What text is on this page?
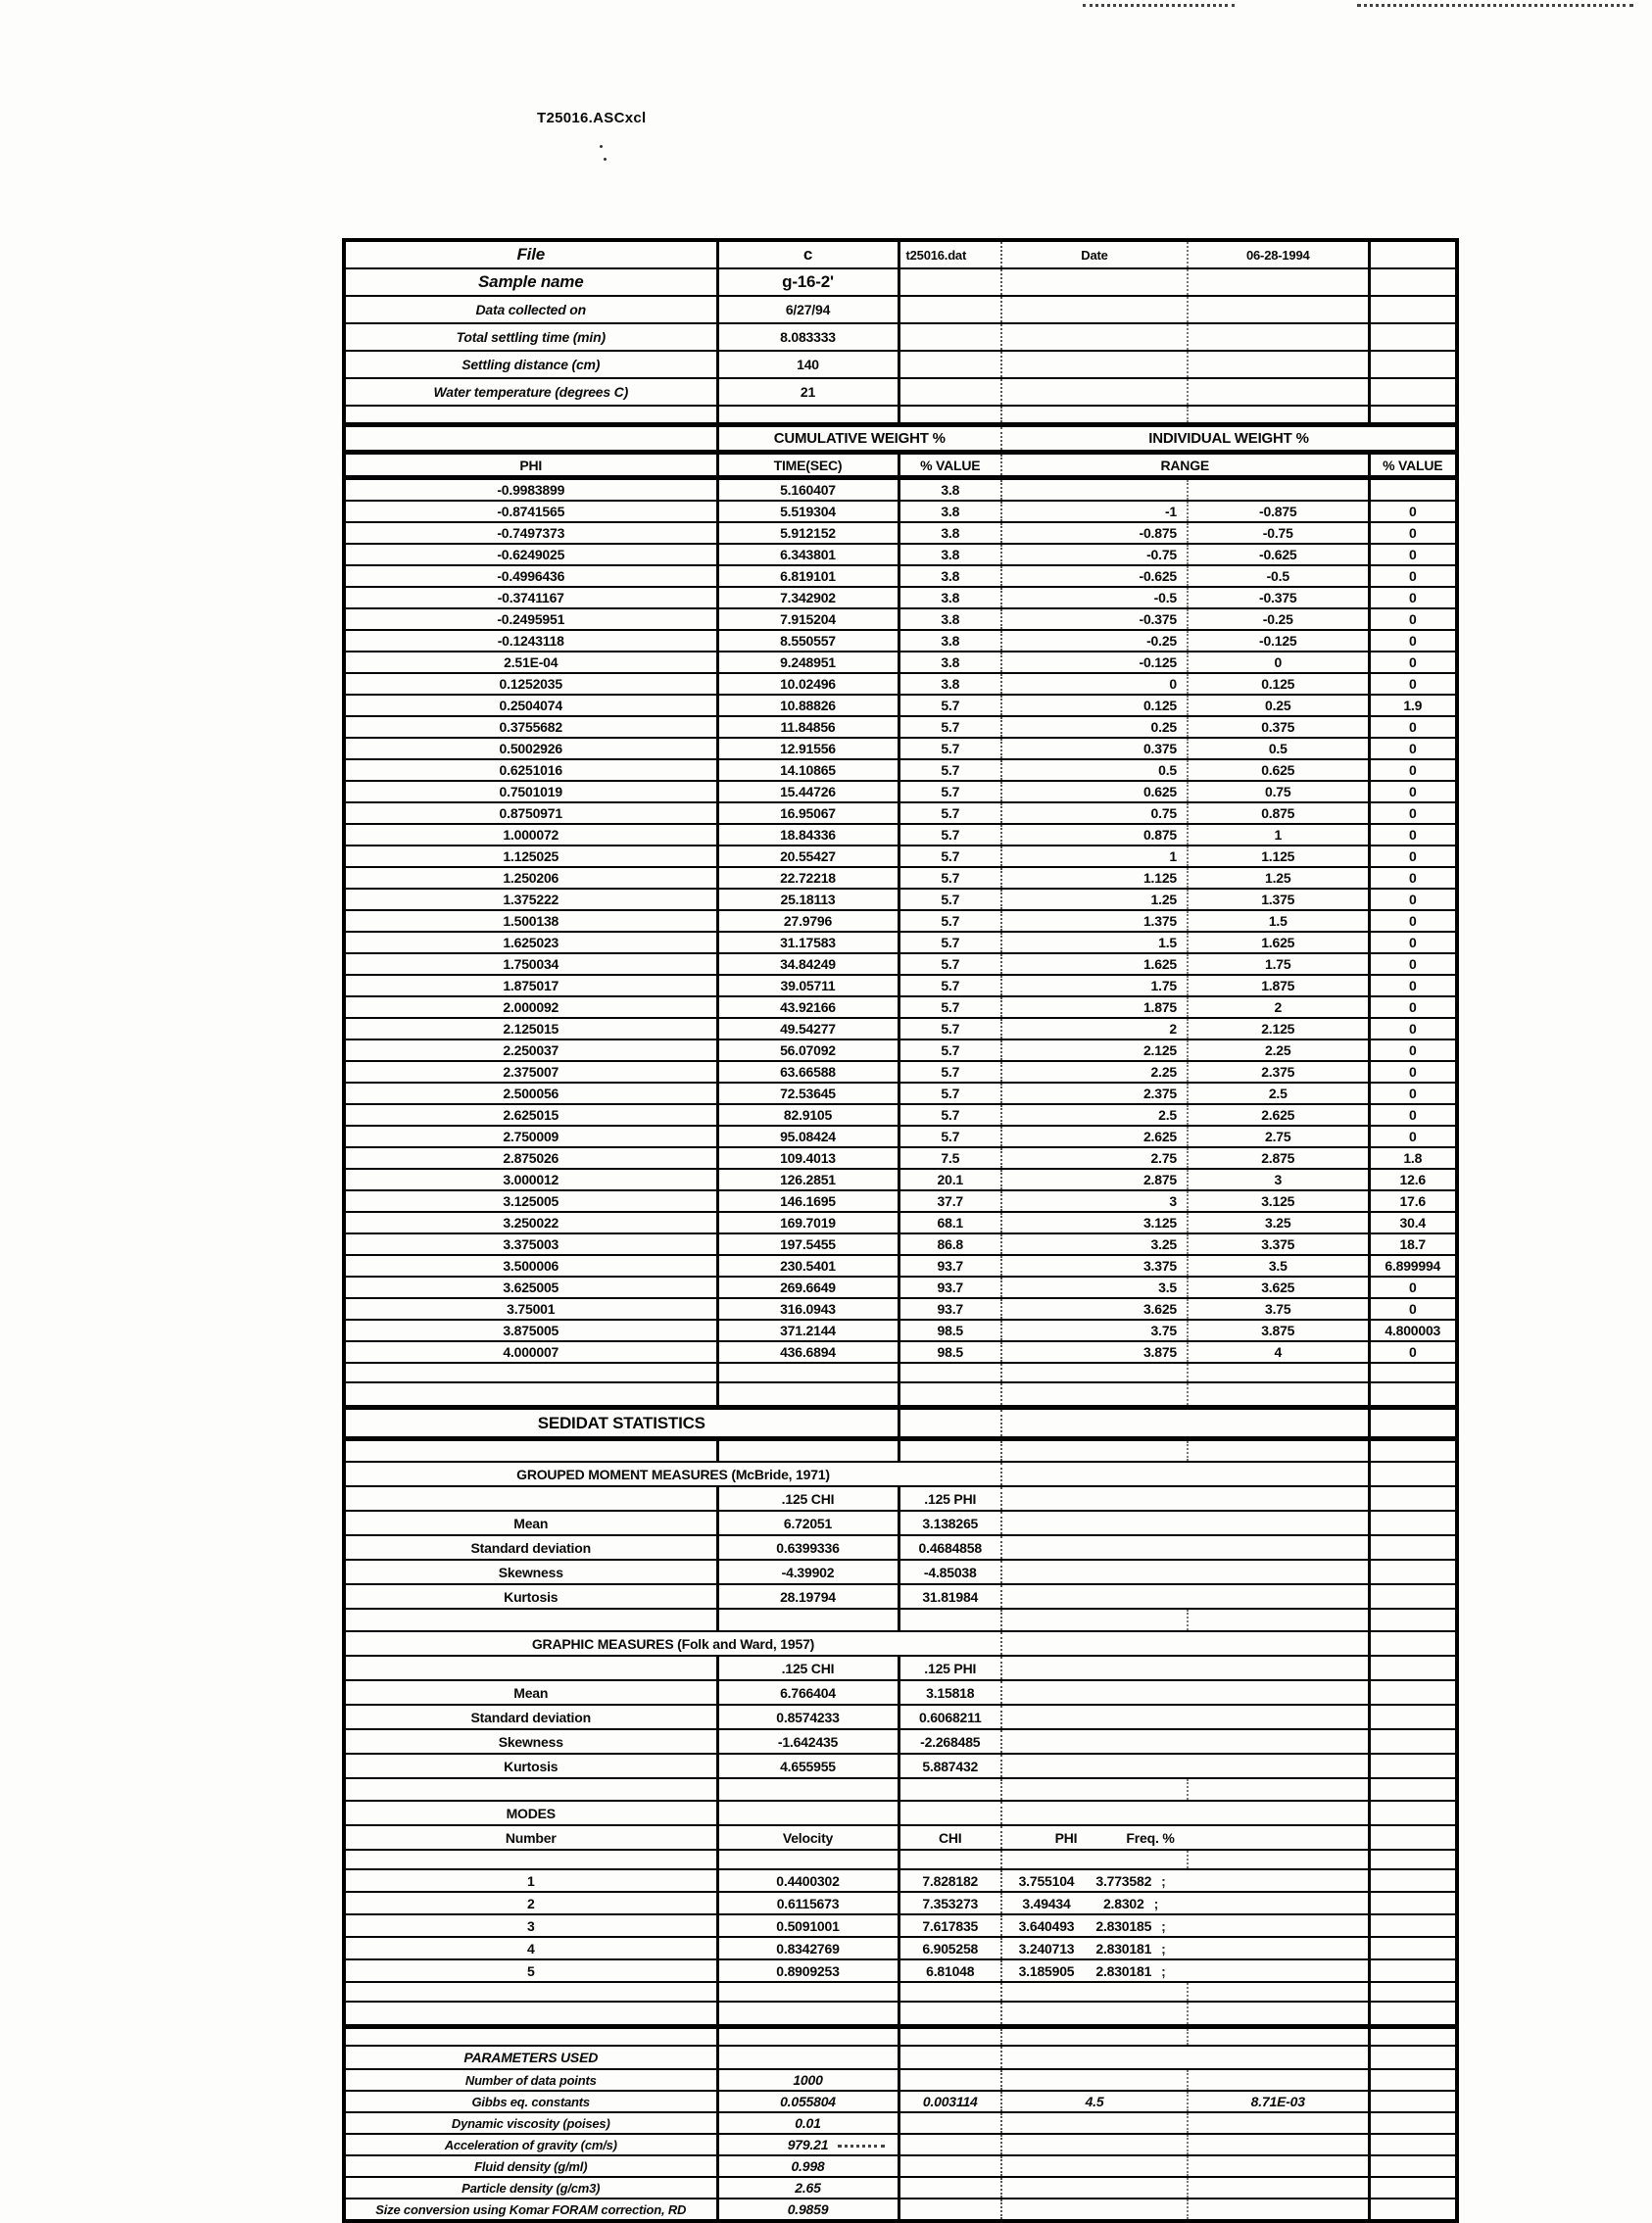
T25016.ASCxcl
File	c	t25016.dat	Date	06-28-1994	
Sample name	g-16-2'				
Data collected on	6/27/94				
Total settling time (min)	8.083333				
Settling distance (cm)	140				
Water temperature (degrees C)	21				

	CUMULATIVE WEIGHT %		INDIVIDUAL WEIGHT %		
PHI	TIME(SEC)	% VALUE	RANGE		% VALUE
-0.9983899	5.160407	3.8			
-0.8741565	5.519304	3.8	-1	-0.875	0
-0.7497373	5.912152	3.8	-0.875	-0.75	0
-0.6249025	6.343801	3.8	-0.75	-0.625	0
-0.4996436	6.819101	3.8	-0.625	-0.5	0
-0.3741167	7.342902	3.8	-0.5	-0.375	0
-0.2495951	7.915204	3.8	-0.375	-0.25	0
-0.1243118	8.550557	3.8	-0.25	-0.125	0
2.51E-04	9.248951	3.8	-0.125	0	0
0.1252035	10.02496	3.8	0	0.125	0
0.2504074	10.88826	5.7	0.125	0.25	1.9
0.3755682	11.84856	5.7	0.25	0.375	0
0.5002926	12.91556	5.7	0.375	0.5	0
0.6251016	14.10865	5.7	0.5	0.625	0
0.7501019	15.44726	5.7	0.625	0.75	0
0.8750971	16.95067	5.7	0.75	0.875	0
1.000072	18.84336	5.7	0.875	1	0
1.125025	20.55427	5.7	1	1.125	0
1.250206	22.72218	5.7	1.125	1.25	0
1.375222	25.18113	5.7	1.25	1.375	0
1.500138	27.9796	5.7	1.375	1.5	0
1.625023	31.17583	5.7	1.5	1.625	0
1.750034	34.84249	5.7	1.625	1.75	0
1.875017	39.05711	5.7	1.75	1.875	0
2.000092	43.92166	5.7	1.875	2	0
2.125015	49.54277	5.7	2	2.125	0
2.250037	56.07092	5.7	2.125	2.25	0
2.375007	63.66588	5.7	2.25	2.375	0
2.500056	72.53645	5.7	2.375	2.5	0
2.625015	82.9105	5.7	2.5	2.625	0
2.750009	95.08424	5.7	2.625	2.75	0
2.875026	109.4013	7.5	2.75	2.875	1.8
3.000012	126.2851	20.1	2.875	3	12.6
3.125005	146.1695	37.7	3	3.125	17.6
3.250022	169.7019	68.1	3.125	3.25	30.4
3.375003	197.5455	86.8	3.25	3.375	18.7
3.500006	230.5401	93.7	3.375	3.5	6.899994
3.625005	269.6649	93.7	3.5	3.625	0
3.75001	316.0943	93.7	3.625	3.75	0
3.875005	371.2144	98.5	3.75	3.875	4.800003
4.000007	436.6894	98.5	3.875	4	0

SEDIDAT STATISTICS					

GROUPED MOMENT MEASURES (McBride, 1971)					
	.125 CHI	.125 PHI			
Mean	6.72051	3.138265			
Standard deviation	0.6399336	0.4684858			
Skewness	-4.39902	-4.85038			
Kurtosis	28.19794	31.81984			

GRAPHIC MEASURES (Folk and Ward, 1957)					
	.125 CHI	.125 PHI			
Mean	6.766404	3.15818			
Standard deviation	0.8574233	0.6068211			
Skewness	-1.642435	-2.268485			
Kurtosis	4.655955	5.887432			

MODES					
Number	Velocity	CHI	PHI Freq. %		

1	0.4400302	7.828182	3.755104 3.773582 ;	
2	0.6115673	7.353273	3.49434 2.8302 ;	
3	0.5091001	7.617835	3.640493 2.830185 ;	
4	0.8342769	6.905258	3.240713 2.830181 ;	
5	0.8909253	6.81048	3.185905 2.830181 ;	

PARAMETERS USED					
Number of data points	1000				
Gibbs eq. constants	0.055804	0.003114	4.5	8.71E-03	
Dynamic viscosity (poises)	0.01				
Acceleration of gravity (cm/s)	979.21				
Fluid density (g/ml)	0.998				
Particle density (g/cm3)	2.65				
Size conversion using Komar FORAM correction, RD	0.9859				
